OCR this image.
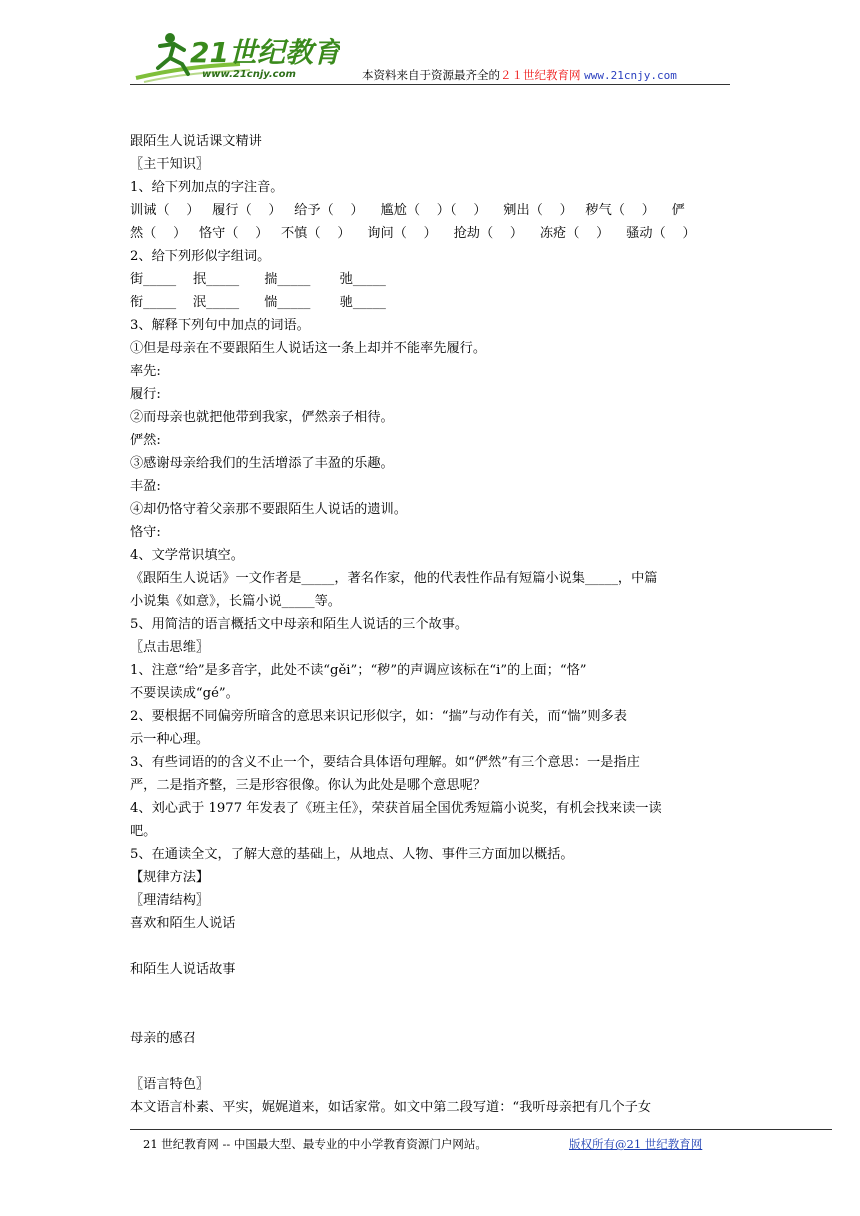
21世纪教育
www.21cnjy.com	本资料来自于资源最齐全的２１世纪教育网 www.21cnjy.com
跟陌生人说话课文精讲
〖主干知识〗
1、给下列加点的字注音。
训诫（    ）   履行（    ）   给予（    ）    尴尬（    ）（    ）    剜出（    ）   秽气（    ）    俨
然（    ）   恪守（    ）   不慎（    ）    询问（    ）    抢劫（    ）    冻疮（    ）    骚动（    ）
2、给下列形似字组词。
街_____    抿_____      揣_____       弛_____
衔_____    泯_____      惴_____       驰_____
3、解释下列句中加点的词语。
①但是母亲在不要跟陌生人说话这一条上却并不能率先履行。
率先:
履行:
②而母亲也就把他带到我家，俨然亲子相待。
俨然:
③感谢母亲给我们的生活增添了丰盈的乐趣。
丰盈:
④却仍恪守着父亲那不要跟陌生人说话的遗训。
恪守:
4、文学常识填空。
《跟陌生人说话》一文作者是_____，著名作家，他的代表性作品有短篇小说集_____，中篇
小说集《如意》，长篇小说_____等。
5、用简洁的语言概括文中母亲和陌生人说话的三个故事。
〖点击思维〗
1、注意“给”是多音字，此处不读“gěi”；“秽”的声调应该标在“i”的上面；“恪”
不要误读成“gé”。
2、要根据不同偏旁所暗含的意思来识记形似字，如：“揣”与动作有关，而“惴”则多表
示一种心理。
3、有些词语的的含义不止一个，要结合具体语句理解。如“俨然”有三个意思：一是指庄
严，二是指齐整，三是形容很像。你认为此处是哪个意思呢？
4、刘心武于 1977 年发表了《班主任》，荣获首届全国优秀短篇小说奖，有机会找来读一读
吧。
5、在通读全文，了解大意的基础上，从地点、人物、事件三方面加以概括。
【规律方法】
〖理清结构〗
喜欢和陌生人说话
和陌生人说话故事
母亲的感召
〖语言特色〗
本文语言朴素、平实，娓娓道来，如话家常。如文中第二段写道：“我听母亲把有几个子女
21 世纪教育网 -- 中国最大型、最专业的中小学教育资源门户网站。	版权所有@21 世纪教育网
